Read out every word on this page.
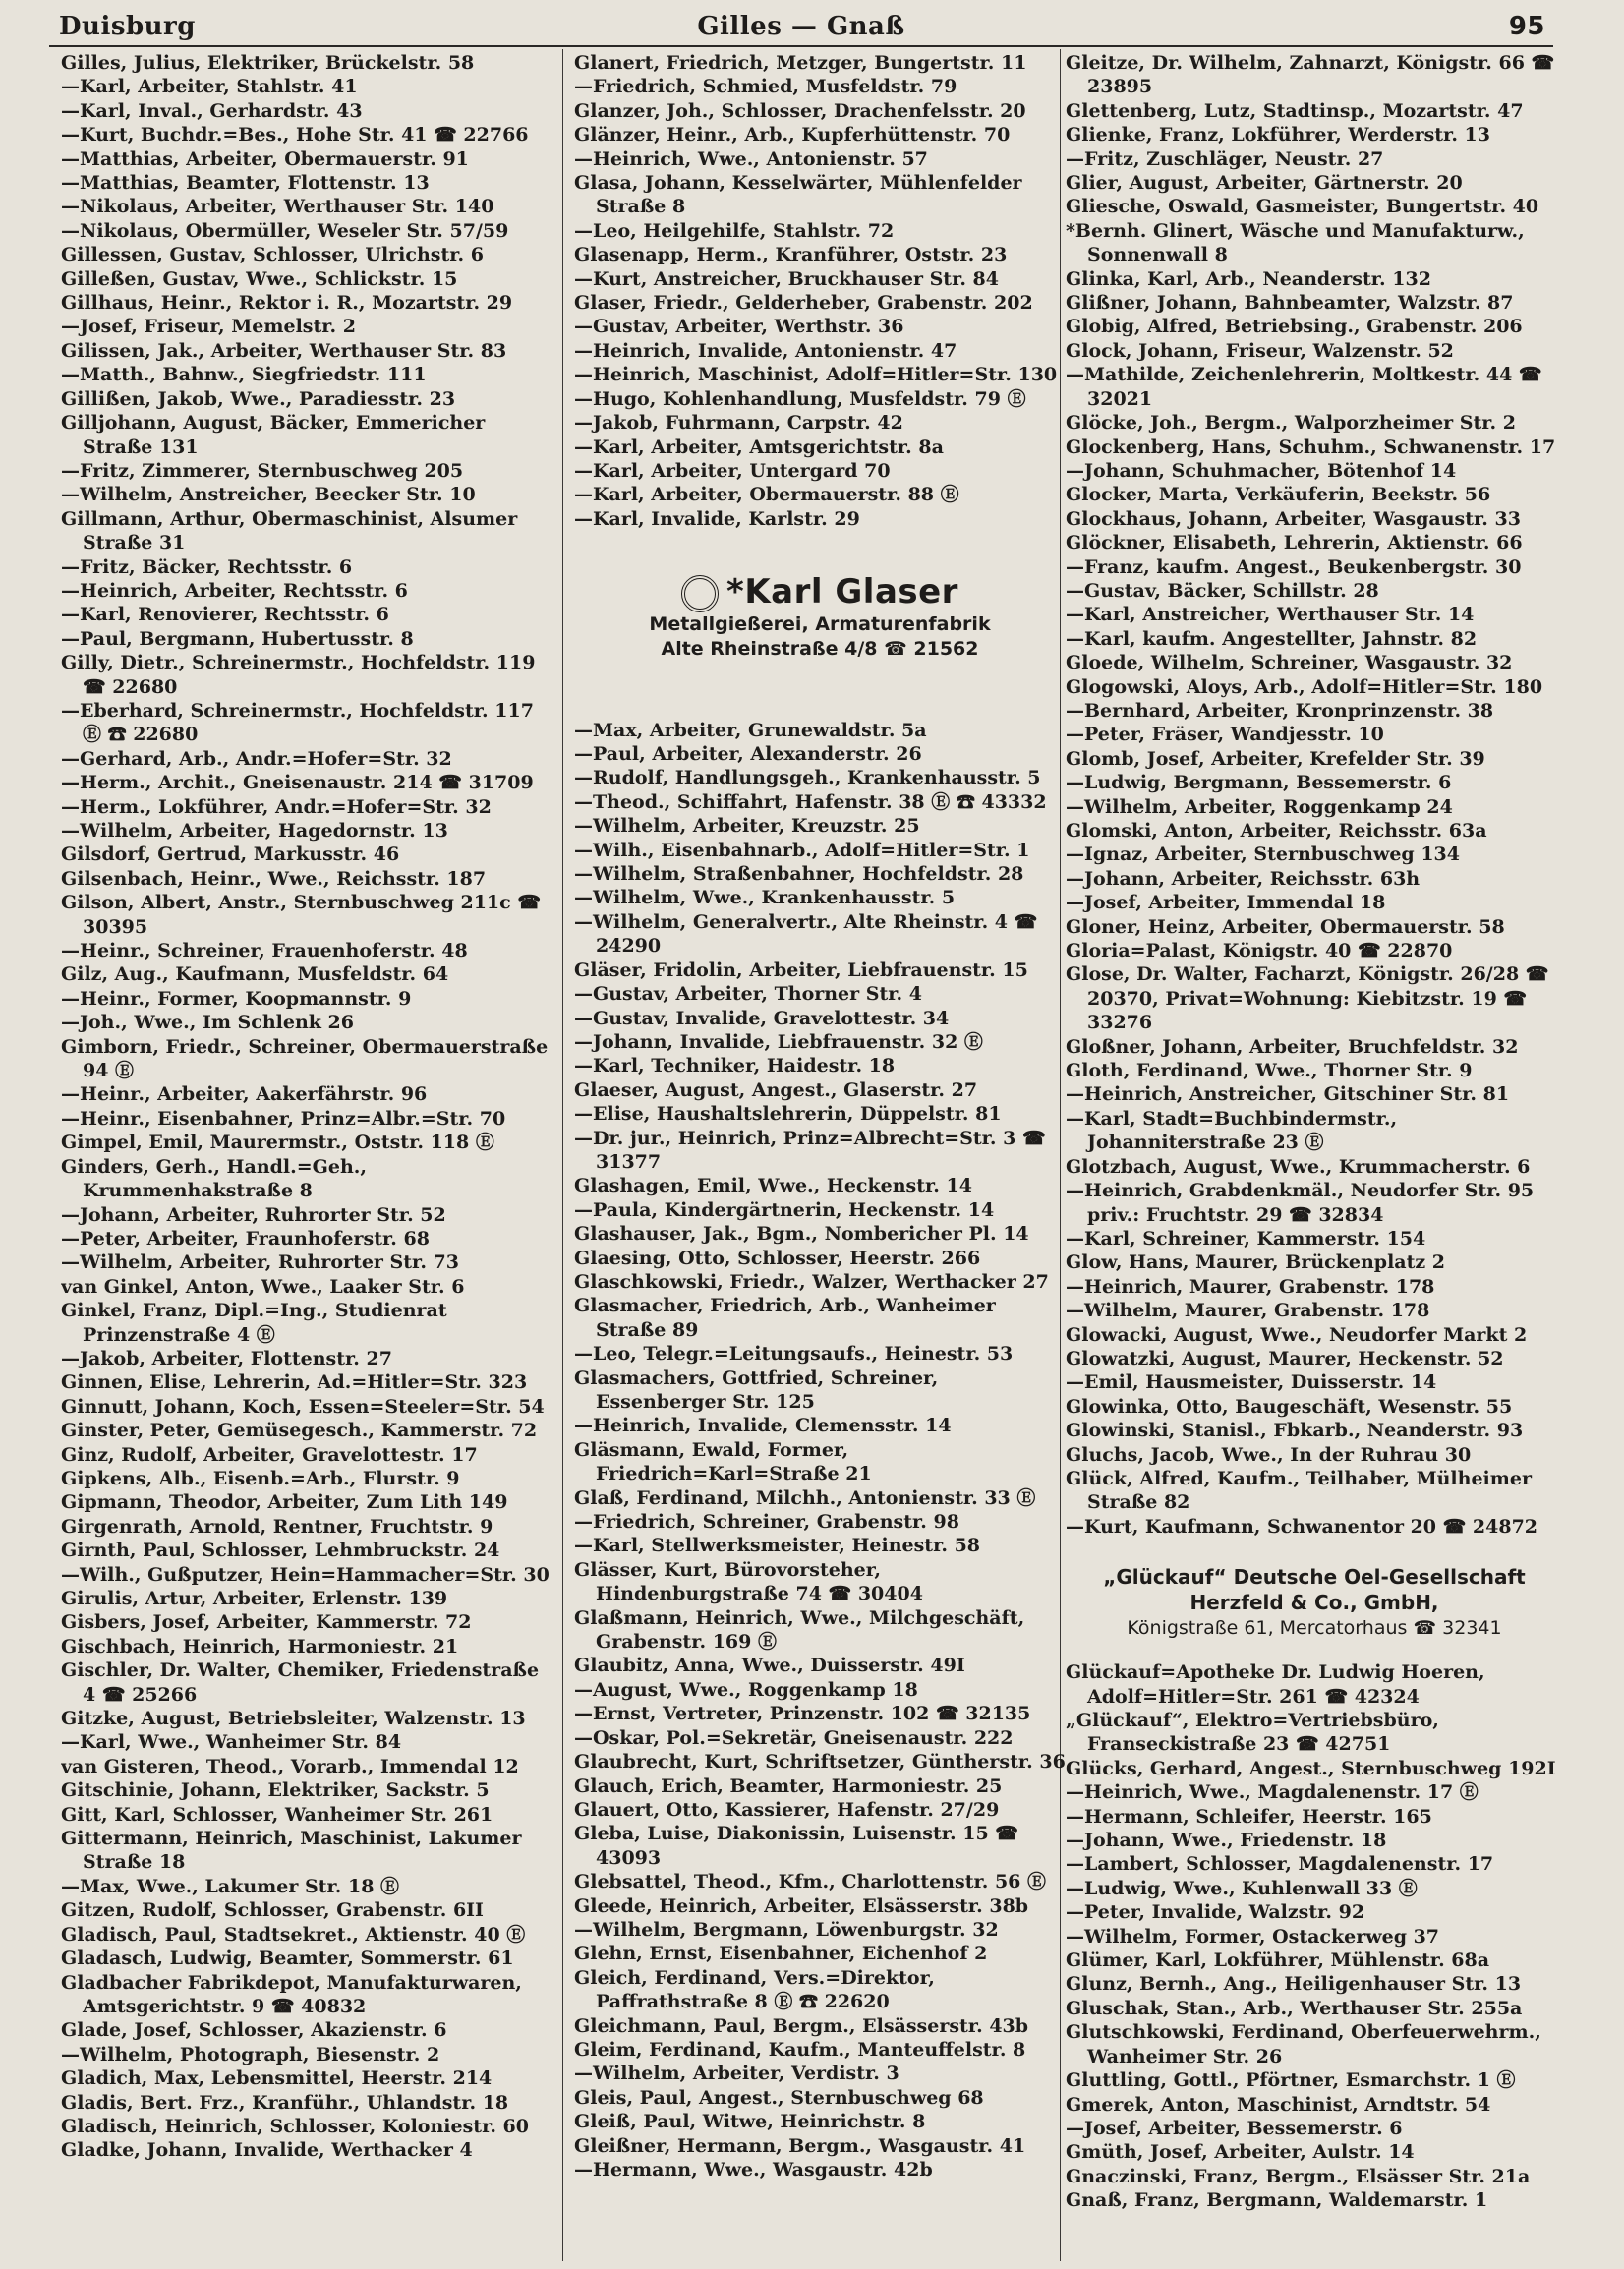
Duisburg	Gilles — Gnaß	95
Gilles, Julius, Elektriker, Brückelstr. 58
—Karl, Arbeiter, Stahlstr. 41
—Karl, Inval., Gerhardstr. 43
—Kurt, Buchdr.=Bes., Hohe Str. 41 ☎ 22766
—Matthias, Arbeiter, Obermauerstr. 91
—Matthias, Beamter, Flottenstr. 13
—Nikolaus, Arbeiter, Werthauser Str. 140
—Nikolaus, Obermüller, Weseler Str. 57/59
Gillessen, Gustav, Schlosser, Ulrichstr. 6
Gilleßen, Gustav, Wwe., Schlickstr. 15
Gillhaus, Heinr., Rektor i. R., Mozartstr. 29
—Josef, Friseur, Memelstr. 2
Gilissen, Jak., Arbeiter, Werthauser Str. 83
—Matth., Bahnw., Siegfriedstr. 111
Gillißen, Jakob, Wwe., Paradiesstr. 23
Gilljohann, August, Bäcker, Emmericher Straße 131
—Fritz, Zimmerer, Sternbuschweg 205
—Wilhelm, Anstreicher, Beecker Str. 10
Gillmann, Arthur, Obermaschinist, Alsumer Straße 31
—Fritz, Bäcker, Rechtsstr. 6
—Heinrich, Arbeiter, Rechtsstr. 6
—Karl, Renovierer, Rechtsstr. 6
—Paul, Bergmann, Hubertusstr. 8
Gilly, Dietr., Schreinermstr., Hochfeldstr. 119 ☎ 22680
—Eberhard, Schreinermstr., Hochfeldstr. 117 Ⓔ ☎ 22680
—Gerhard, Arb., Andr.=Hofer=Str. 32
—Herm., Archit., Gneisenaustr. 214 ☎ 31709
—Herm., Lokführer, Andr.=Hofer=Str. 32
—Wilhelm, Arbeiter, Hagedornstr. 13
Gilsdorf, Gertrud, Markusstr. 46
Gilsenbach, Heinr., Wwe., Reichsstr. 187
Gilson, Albert, Anstr., Sternbuschweg 211c ☎ 30395
—Heinr., Schreiner, Frauenhoferstr. 48
Gilz, Aug., Kaufmann, Musfeldstr. 64
—Heinr., Former, Koopmannstr. 9
—Joh., Wwe., Im Schlenk 26
Gimborn, Friedr., Schreiner, Obermauerstraße 94 Ⓔ
—Heinr., Arbeiter, Aakerfährstr. 96
—Heinr., Eisenbahner, Prinz=Albr.=Str. 70
Gimpel, Emil, Maurermstr., Oststr. 118 Ⓔ
Ginders, Gerh., Handl.=Geh., Krummenhakstraße 8
—Johann, Arbeiter, Ruhrorter Str. 52
—Peter, Arbeiter, Fraunhoferstr. 68
—Wilhelm, Arbeiter, Ruhrorter Str. 73
van Ginkel, Anton, Wwe., Laaker Str. 6
Ginkel, Franz, Dipl.=Ing., Studienrat Prinzenstraße 4 Ⓔ
—Jakob, Arbeiter, Flottenstr. 27
Ginnen, Elise, Lehrerin, Ad.=Hitler=Str. 323
Ginnutt, Johann, Koch, Essen=Steeler=Str. 54
Ginster, Peter, Gemüsegesch., Kammerstr. 72
Ginz, Rudolf, Arbeiter, Gravelottestr. 17
Gipkens, Alb., Eisenb.=Arb., Flurstr. 9
Gipmann, Theodor, Arbeiter, Zum Lith 149
Girgenrath, Arnold, Rentner, Fruchtstr. 9
Girnth, Paul, Schlosser, Lehmbruckstr. 24
—Wilh., Gußputzer, Hein=Hammacher=Str. 30
Girulis, Artur, Arbeiter, Erlenstr. 139
Gisbers, Josef, Arbeiter, Kammerstr. 72
Gischbach, Heinrich, Harmoniestr. 21
Gischler, Dr. Walter, Chemiker, Friedenstraße 4 ☎ 25266
Gitzke, August, Betriebsleiter, Walzenstr. 13
—Karl, Wwe., Wanheimer Str. 84
van Gisteren, Theod., Vorarb., Immendal 12
Gitschinie, Johann, Elektriker, Sackstr. 5
Gitt, Karl, Schlosser, Wanheimer Str. 261
Gittermann, Heinrich, Maschinist, Lakumer Straße 18
—Max, Wwe., Lakumer Str. 18 Ⓔ
Gitzen, Rudolf, Schlosser, Grabenstr. 6II
Gladisch, Paul, Stadtsekret., Aktienstr. 40 Ⓔ
Gladasch, Ludwig, Beamter, Sommerstr. 61
Gladbacher Fabrikdepot, Manufakturwaren, Amtsgerichtstr. 9 ☎ 40832
Glade, Josef, Schlosser, Akazienstr. 6
—Wilhelm, Photograph, Biesenstr. 2
Gladich, Max, Lebensmittel, Heerstr. 214
Gladis, Bert. Frz., Kranführ., Uhlandstr. 18
Gladisch, Heinrich, Schlosser, Koloniestr. 60
Gladke, Johann, Invalide, Werthacker 4
Glanert, Friedrich, Metzger, Bungertstr. 11
—Friedrich, Schmied, Musfeldstr. 79
Glanzer, Joh., Schlosser, Drachenfelsstr. 20
Glänzer, Heinr., Arb., Kupferhüttenstr. 70
—Heinrich, Wwe., Antonienstr. 57
Glasa, Johann, Kesselwärter, Mühlenfelder Straße 8
—Leo, Heilgehilfe, Stahlstr. 72
Glasenapp, Herm., Kranführer, Oststr. 23
—Kurt, Anstreicher, Bruckhauser Str. 84
Glaser, Friedr., Gelderheber, Grabenstr. 202
—Gustav, Arbeiter, Werthstr. 36
—Heinrich, Invalide, Antonienstr. 47
—Heinrich, Maschinist, Adolf=Hitler=Str. 130
—Hugo, Kohlenhandlung, Musfeldstr. 79 Ⓔ
—Jakob, Fuhrmann, Carpstr. 42
—Karl, Arbeiter, Amtsgerichtstr. 8a
—Karl, Arbeiter, Untergard 70
—Karl, Arbeiter, Obermauerstr. 88 Ⓔ
—Karl, Invalide, Karlstr. 29
*Karl Glaser
Metallgießerei, Armaturenfabrik
Alte Rheinstraße 4/8 ☎ 21562
—Max, Arbeiter, Grunewaldstr. 5a
—Paul, Arbeiter, Alexanderstr. 26
—Rudolf, Handlungsgeh., Krankenhausstr. 5
—Theod., Schiffahrt, Hafenstr. 38 Ⓔ ☎ 43332
—Wilhelm, Arbeiter, Kreuzstr. 25
—Wilh., Eisenbahnarb., Adolf=Hitler=Str. 1
—Wilhelm, Straßenbahner, Hochfeldstr. 28
—Wilhelm, Wwe., Krankenhausstr. 5
—Wilhelm, Generalvertr., Alte Rheinstr. 4 ☎ 24290
Gläser, Fridolin, Arbeiter, Liebfrauenstr. 15
—Gustav, Arbeiter, Thorner Str. 4
—Gustav, Invalide, Gravelottestr. 34
—Johann, Invalide, Liebfrauenstr. 32 Ⓔ
—Karl, Techniker, Haidestr. 18
Glaeser, August, Angest., Glaserstr. 27
—Elise, Haushaltslehrerin, Düppelstr. 81
—Dr. jur., Heinrich, Prinz=Albrecht=Str. 3 ☎ 31377
Glashagen, Emil, Wwe., Heckenstr. 14
—Paula, Kindergärtnerin, Heckenstr. 14
Glashauser, Jak., Bgm., Nombericher Pl. 14
Glaesing, Otto, Schlosser, Heerstr. 266
Glaschkowski, Friedr., Walzer, Werthacker 27
Glasmacher, Friedrich, Arb., Wanheimer Straße 89
—Leo, Telegr.=Leitungsaufs., Heinestr. 53
Glasmachers, Gottfried, Schreiner, Essenberger Str. 125
—Heinrich, Invalide, Clemensstr. 14
Gläsmann, Ewald, Former, Friedrich=Karl=Straße 21
Glaß, Ferdinand, Milchh., Antonienstr. 33 Ⓔ
—Friedrich, Schreiner, Grabenstr. 98
—Karl, Stellwerksmeister, Heinestr. 58
Glässer, Kurt, Bürovorsteher, Hindenburgstraße 74 ☎ 30404
Glaßmann, Heinrich, Wwe., Milchgeschäft, Grabenstr. 169 Ⓔ
Glaubitz, Anna, Wwe., Duisserstr. 49I
—August, Wwe., Roggenkamp 18
—Ernst, Vertreter, Prinzenstr. 102 ☎ 32135
—Oskar, Pol.=Sekretär, Gneisenaustr. 222
Glaubrecht, Kurt, Schriftsetzer, Güntherstr. 36
Glauch, Erich, Beamter, Harmoniestr. 25
Glauert, Otto, Kassierer, Hafenstr. 27/29
Gleba, Luise, Diakonissin, Luisenstr. 15 ☎ 43093
Glebsattel, Theod., Kfm., Charlottenstr. 56 Ⓔ
Gleede, Heinrich, Arbeiter, Elsässerstr. 38b
—Wilhelm, Bergmann, Löwenburgstr. 32
Glehn, Ernst, Eisenbahner, Eichenhof 2
Gleich, Ferdinand, Vers.=Direktor, Paffrathstraße 8 Ⓔ ☎ 22620
Gleichmann, Paul, Bergm., Elsässerstr. 43b
Gleim, Ferdinand, Kaufm., Manteuffelstr. 8
—Wilhelm, Arbeiter, Verdistr. 3
Gleis, Paul, Angest., Sternbuschweg 68
Gleiß, Paul, Witwe, Heinrichstr. 8
Gleißner, Hermann, Bergm., Wasgaustr. 41
—Hermann, Wwe., Wasgaustr. 42b
Gleitze, Dr. Wilhelm, Zahnarzt, Königstr. 66 ☎ 23895
Glettenberg, Lutz, Stadtinsp., Mozartstr. 47
Glienke, Franz, Lokführer, Werderstr. 13
—Fritz, Zuschläger, Neustr. 27
Glier, August, Arbeiter, Gärtnerstr. 20
Gliesche, Oswald, Gasmeister, Bungertstr. 40
*Bernh. Glinert, Wäsche und Manufakturw., Sonnenwall 8
Glinka, Karl, Arb., Neanderstr. 132
Glißner, Johann, Bahnbeamter, Walzstr. 87
Globig, Alfred, Betriebsing., Grabenstr. 206
Glock, Johann, Friseur, Walzenstr. 52
—Mathilde, Zeichenlehrerin, Moltkestr. 44 ☎ 32021
Glöcke, Joh., Bergm., Walporzheimer Str. 2
Glockenberg, Hans, Schuhm., Schwanenstr. 17
—Johann, Schuhmacher, Bötenhof 14
Glocker, Marta, Verkäuferin, Beekstr. 56
Glockhaus, Johann, Arbeiter, Wasgaustr. 33
Glöckner, Elisabeth, Lehrerin, Aktienstr. 66
—Franz, kaufm. Angest., Beukenbergstr. 30
—Gustav, Bäcker, Schillstr. 28
—Karl, Anstreicher, Werthauser Str. 14
—Karl, kaufm. Angestellter, Jahnstr. 82
Gloede, Wilhelm, Schreiner, Wasgaustr. 32
Glogowski, Aloys, Arb., Adolf=Hitler=Str. 180
—Bernhard, Arbeiter, Kronprinzenstr. 38
—Peter, Fräser, Wandjesstr. 10
Glomb, Josef, Arbeiter, Krefelder Str. 39
—Ludwig, Bergmann, Bessemerstr. 6
—Wilhelm, Arbeiter, Roggenkamp 24
Glomski, Anton, Arbeiter, Reichsstr. 63a
—Ignaz, Arbeiter, Sternbuschweg 134
—Johann, Arbeiter, Reichsstr. 63h
—Josef, Arbeiter, Immendal 18
Gloner, Heinz, Arbeiter, Obermauerstr. 58
Gloria=Palast, Königstr. 40 ☎ 22870
Glose, Dr. Walter, Facharzt, Königstr. 26/28 ☎ 20370, Privat=Wohnung: Kiebitzstr. 19 ☎ 33276
Gloßner, Johann, Arbeiter, Bruchfeldstr. 32
Gloth, Ferdinand, Wwe., Thorner Str. 9
—Heinrich, Anstreicher, Gitschiner Str. 81
—Karl, Stadt=Buchbindermstr., Johanniterstraße 23 Ⓔ
Glotzbach, August, Wwe., Krummacherstr. 6
—Heinrich, Grabdenkmäl., Neudorfer Str. 95 priv.: Fruchtstr. 29 ☎ 32834
—Karl, Schreiner, Kammerstr. 154
Glow, Hans, Maurer, Brückenplatz 2
—Heinrich, Maurer, Grabenstr. 178
—Wilhelm, Maurer, Grabenstr. 178
Glowacki, August, Wwe., Neudorfer Markt 2
Glowatzki, August, Maurer, Heckenstr. 52
—Emil, Hausmeister, Duisserstr. 14
Glowinka, Otto, Baugeschäft, Wesenstr. 55
Glowinski, Stanisl., Fbkarb., Neanderstr. 93
Gluchs, Jacob, Wwe., In der Ruhrau 30
Glück, Alfred, Kaufm., Teilhaber, Mülheimer Straße 82
—Kurt, Kaufmann, Schwanentor 20 ☎ 24872
„Glückauf“ Deutsche Oel-Gesellschaft
Herzfeld & Co., GmbH,
Königstraße 61, Mercatorhaus ☎ 32341
Glückauf=Apotheke Dr. Ludwig Hoeren, Adolf=Hitler=Str. 261 ☎ 42324
„Glückauf“, Elektro=Vertriebsbüro, Franseckistraße 23 ☎ 42751
Glücks, Gerhard, Angest., Sternbuschweg 192I
—Heinrich, Wwe., Magdalenenstr. 17 Ⓔ
—Hermann, Schleifer, Heerstr. 165
—Johann, Wwe., Friedenstr. 18
—Lambert, Schlosser, Magdalenenstr. 17
—Ludwig, Wwe., Kuhlenwall 33 Ⓔ
—Peter, Invalide, Walzstr. 92
—Wilhelm, Former, Ostackerweg 37
Glümer, Karl, Lokführer, Mühlenstr. 68a
Glunz, Bernh., Ang., Heiligenhauser Str. 13
Gluschak, Stan., Arb., Werthauser Str. 255a
Glutschkowski, Ferdinand, Oberfeuerwehrm., Wanheimer Str. 26
Gluttling, Gottl., Pförtner, Esmarchstr. 1 Ⓔ
Gmerek, Anton, Maschinist, Arndtstr. 54
—Josef, Arbeiter, Bessemerstr. 6
Gmüth, Josef, Arbeiter, Aulstr. 14
Gnaczinski, Franz, Bergm., Elsässer Str. 21a
Gnaß, Franz, Bergmann, Waldemarstr. 1
